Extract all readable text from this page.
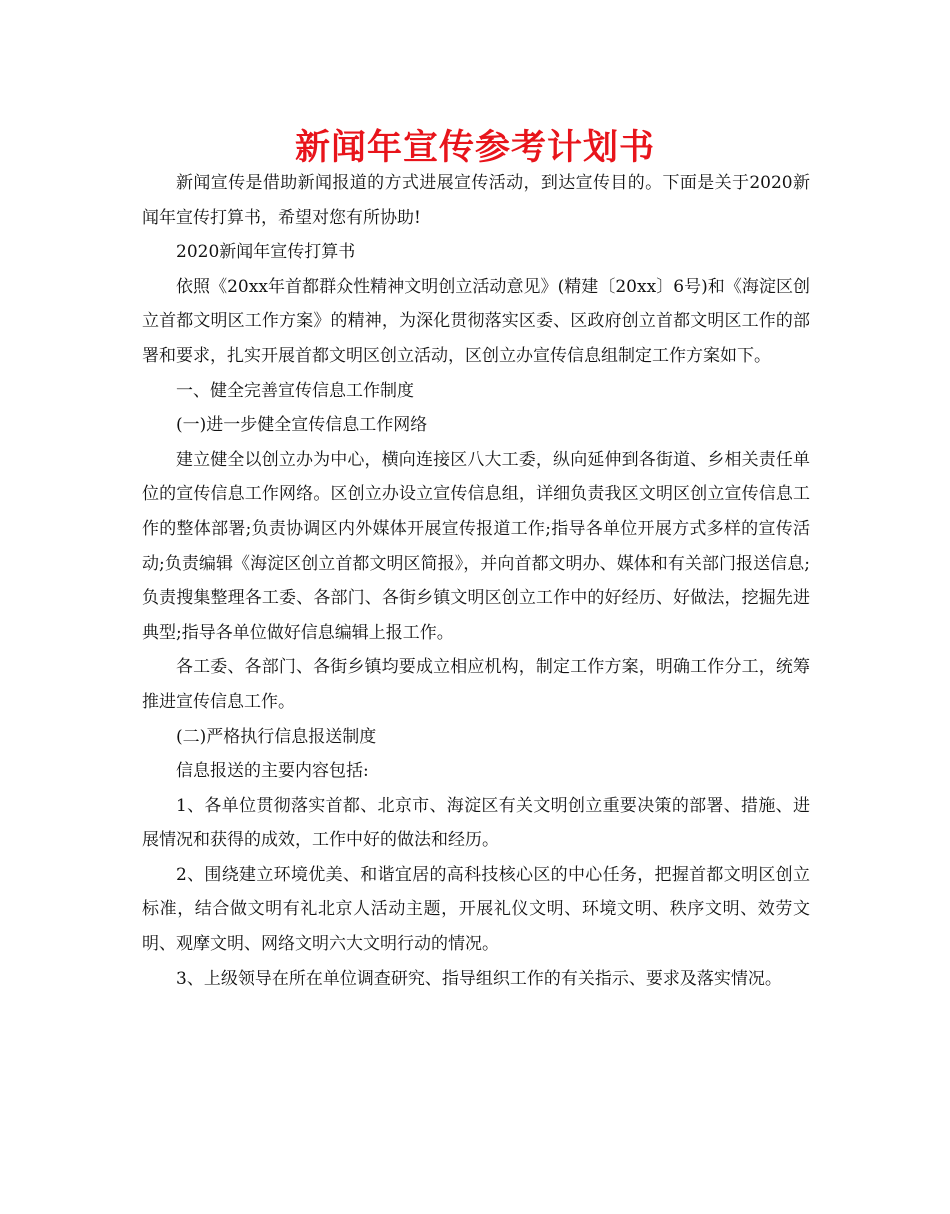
新闻年宣传参考计划书

新闻宣传是借助新闻报道的方式进展宣传活动，到达宣传目的。下面是关于2020新闻年宣传打算书，希望对您有所协助!

2020新闻年宣传打算书

依照《20xx年首都群众性精神文明创立活动意见》(精建〔20xx〕6号)和《海淀区创立首都文明区工作方案》的精神，为深化贯彻落实区委、区政府创立首都文明区工作的部署和要求，扎实开展首都文明区创立活动，区创立办宣传信息组制定工作方案如下。

一、健全完善宣传信息工作制度

(一)进一步健全宣传信息工作网络

建立健全以创立办为中心，横向连接区八大工委，纵向延伸到各街道、乡相关责任单位的宣传信息工作网络。区创立办设立宣传信息组，详细负责我区文明区创立宣传信息工作的整体部署;负责协调区内外媒体开展宣传报道工作;指导各单位开展方式多样的宣传活动;负责编辑《海淀区创立首都文明区简报》，并向首都文明办、媒体和有关部门报送信息;负责搜集整理各工委、各部门、各街乡镇文明区创立工作中的好经历、好做法，挖掘先进典型;指导各单位做好信息编辑上报工作。

各工委、各部门、各街乡镇均要成立相应机构，制定工作方案，明确工作分工，统筹推进宣传信息工作。

(二)严格执行信息报送制度

信息报送的主要内容包括:

1、各单位贯彻落实首都、北京市、海淀区有关文明创立重要决策的部署、措施、进展情况和获得的成效，工作中好的做法和经历。

2、围绕建立环境优美、和谐宜居的高科技核心区的中心任务，把握首都文明区创立标准，结合做文明有礼北京人活动主题，开展礼仪文明、环境文明、秩序文明、效劳文明、观摩文明、网络文明六大文明行动的情况。

3、上级领导在所在单位调查研究、指导组织工作的有关指示、要求及落实情况。
